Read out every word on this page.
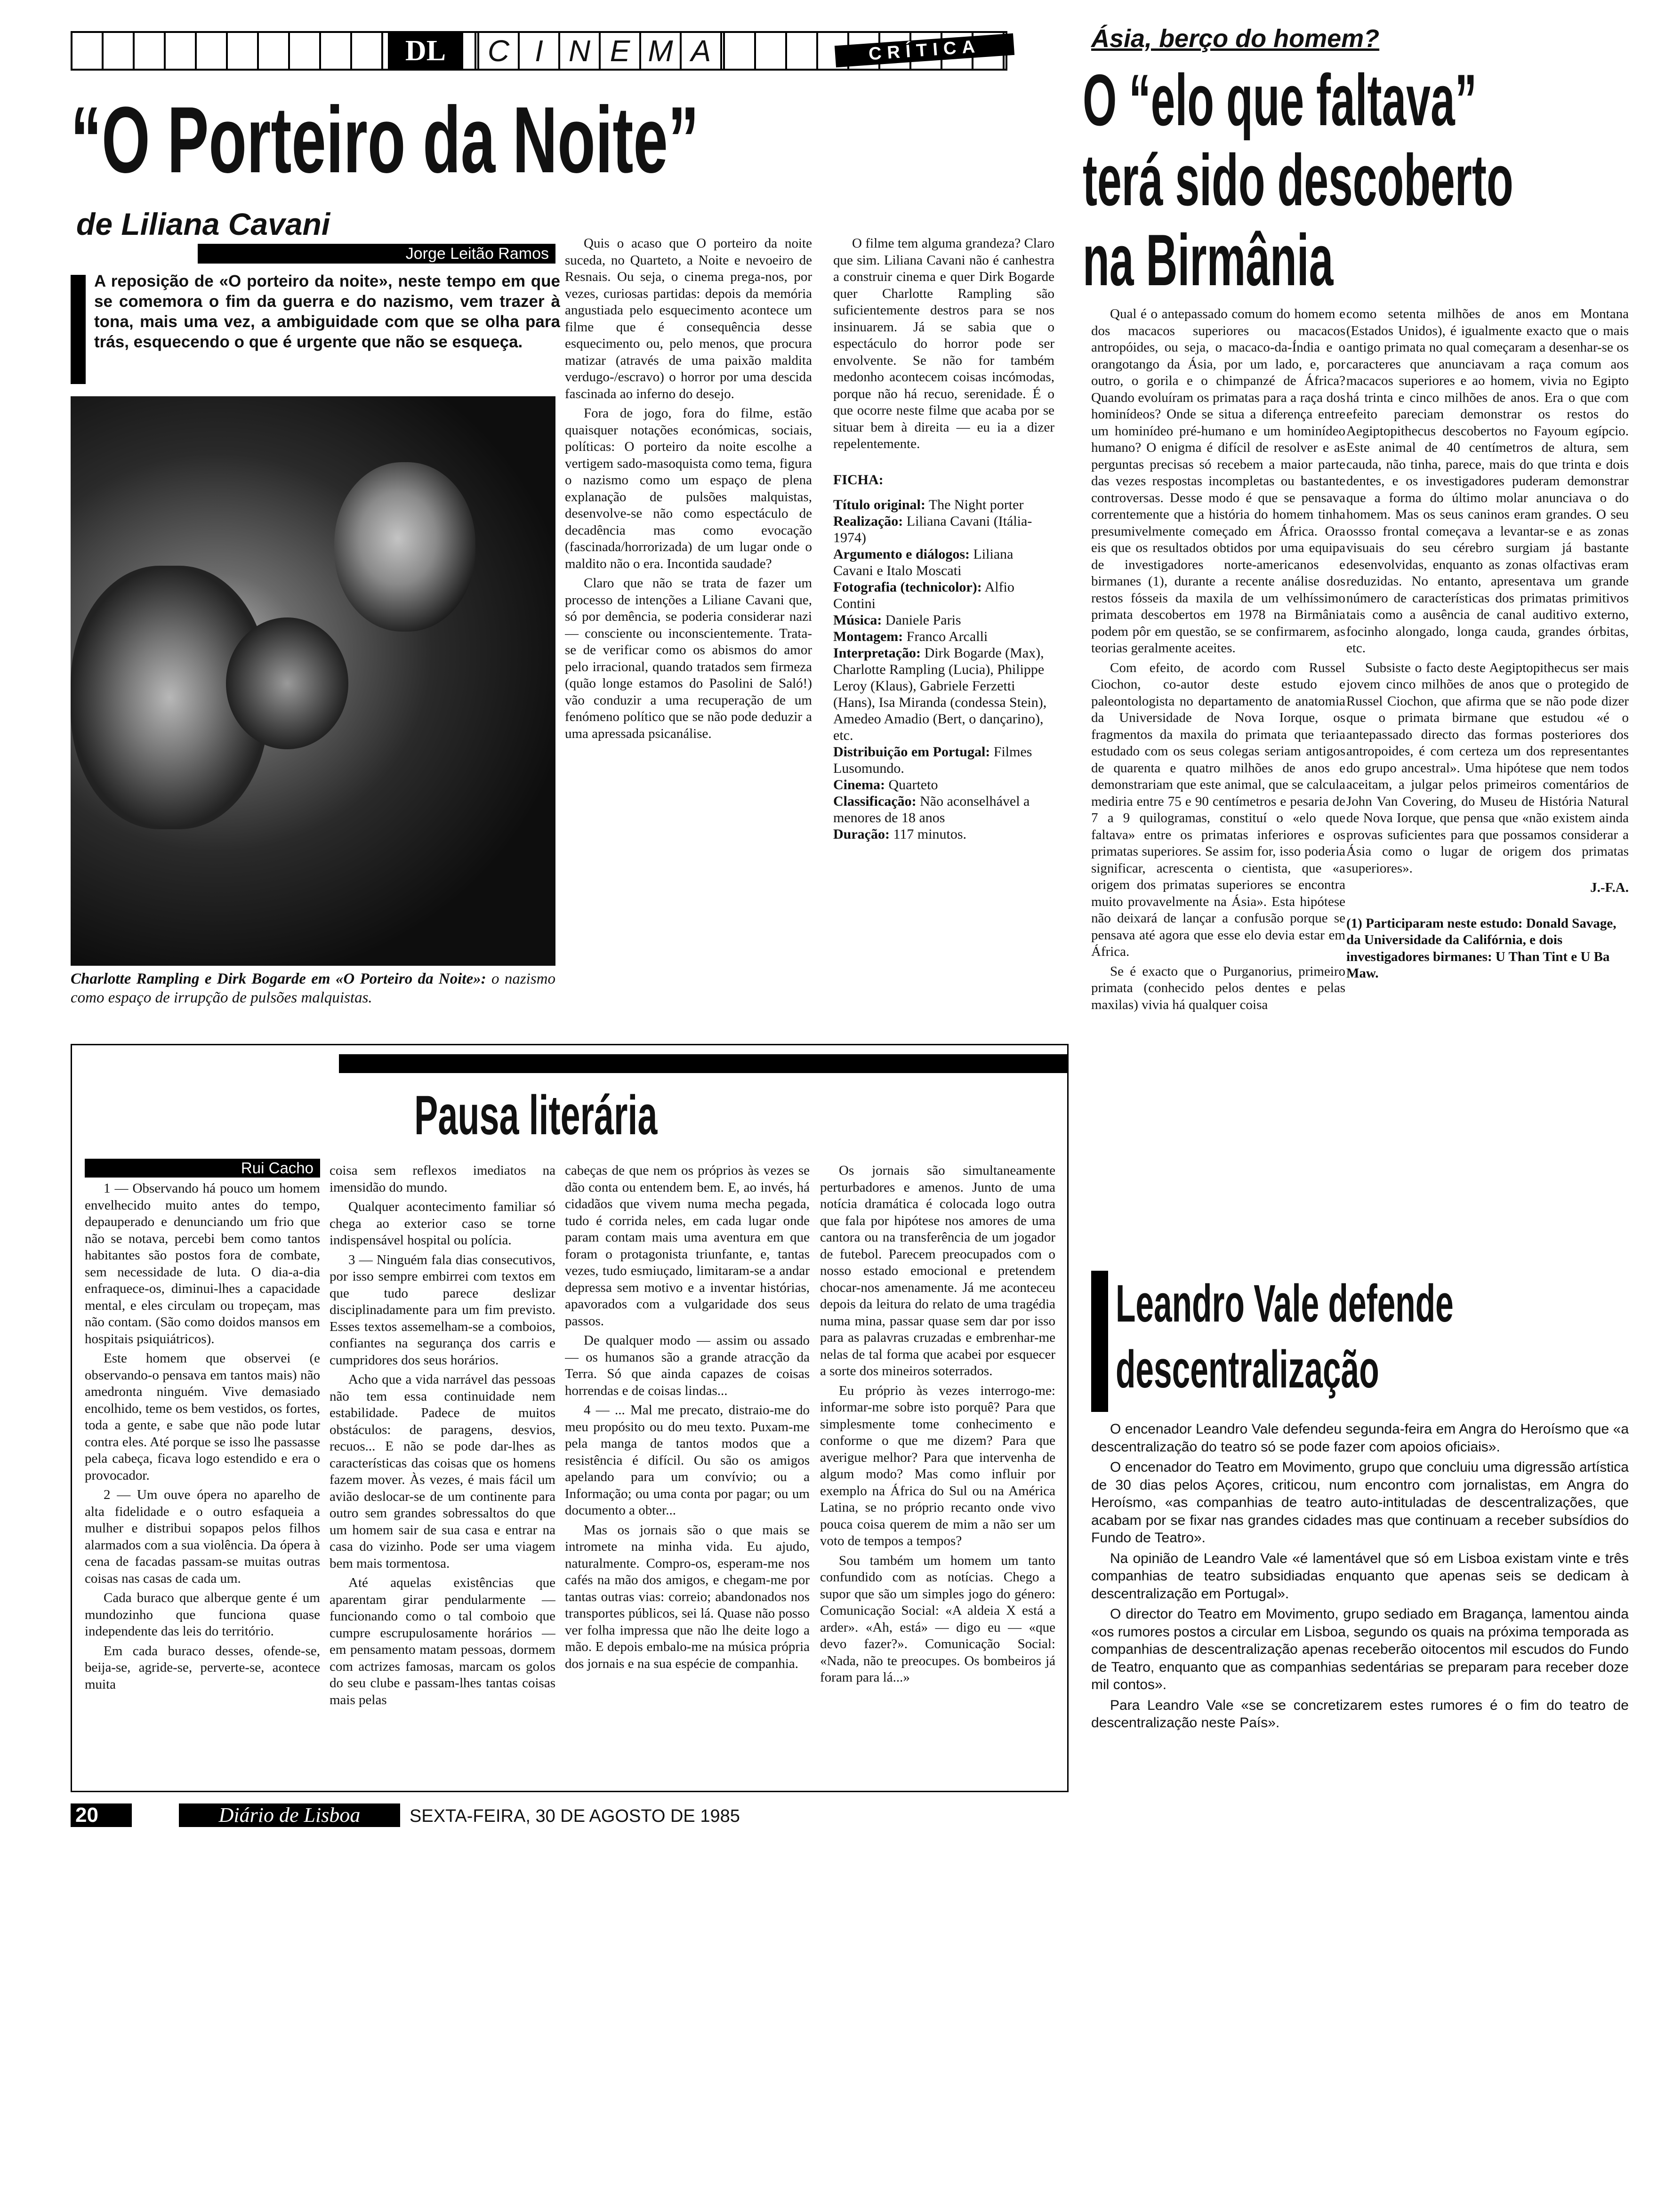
DL	C I N E M A	CRÍTICA
“O Porteiro da Noite”
de Liliana Cavani
Jorge Leitão Ramos
A reposição de «O porteiro da noite», neste tempo em que se comemora o fim da guerra e do nazismo, vem trazer à tona, mais uma vez, a ambiguidade com que se olha para trás, esquecendo o que é urgente que não se esqueça.
Charlotte Rampling e Dirk Bogarde em «O Porteiro da Noite»: o nazismo como espaço de irrupção de pulsões malquistas.

Quis o acaso que O porteiro da noite suceda, no Quarteto, a Noite e nevoeiro de Resnais. Ou seja, o cinema prega-nos, por vezes, curiosas partidas: depois da memória angustiada pelo esquecimento acontece um filme que é consequência desse esquecimento ou, pelo menos, que procura matizar (através de uma paixão maldita verdugo-/escravo) o horror por uma descida fascinada ao inferno do desejo.

Fora de jogo, fora do filme, estão quaisquer notações económicas, sociais, políticas: O porteiro da noite escolhe a vertigem sado-masoquista como tema, figura o nazismo como um espaço de plena explanação de pulsões malquistas, desenvolve-se não como espectáculo de decadência mas como evocação (fascinada/horrorizada) de um lugar onde o maldito não o era. Incontida saudade?

Claro que não se trata de fazer um processo de intenções a Liliane Cavani que, só por demência, se poderia considerar nazi — consciente ou inconscientemente. Trata-se de verificar como os abismos do amor pelo irracional, quando tratados sem firmeza (quão longe estamos do Pasolini de Saló!) vão conduzir a uma recuperação de um fenómeno político que se não pode deduzir a uma apressada psicanálise.

O filme tem alguma grandeza? Claro que sim. Liliana Cavani não é canhestra a construir cinema e quer Dirk Bogarde quer Charlotte Rampling são suficientemente destros para se nos insinuarem. Já se sabia que o espectáculo do horror pode ser envolvente. Se não for também medonho acontecem coisas incómodas, porque não há recuo, serenidade. É o que ocorre neste filme que acaba por se situar bem à direita — eu ia a dizer repelentemente.

FICHA:
Título original: The Night porter
Realização: Liliana Cavani (Itália-1974)
Argumento e diálogos: Liliana Cavani e Italo Moscati
Fotografia (technicolor): Alfio Contini
Música: Daniele Paris
Montagem: Franco Arcalli
Interpretação: Dirk Bogarde (Max), Charlotte Rampling (Lucia), Philippe Leroy (Klaus), Gabriele Ferzetti (Hans), Isa Miranda (condessa Stein), Amedeo Amadio (Bert, o dançarino), etc.
Distribuição em Portugal: Filmes Lusomundo.
Cinema: Quarteto
Classificação: Não aconselhável a menores de 18 anos
Duração: 117 minutos.
Ásia, berço do homem?
O “elo que faltava”
terá sido descoberto
na Birmânia

Qual é o antepassado comum do homem e dos macacos superiores ou macacos antropóides, ou seja, o macaco-da-Índia e o orangotango da Ásia, por um lado, e, por outro, o gorila e o chimpanzé de África? Quando evoluíram os primatas para a raça dos hominídeos? Onde se situa a diferença entre um hominídeo pré-humano e um hominídeo humano? O enigma é difícil de resolver e as perguntas precisas só recebem a maior parte das vezes respostas incompletas ou bastante controversas. Desse modo é que se pensava correntemente que a história do homem tinha presumivelmente começado em África. Ora eis que os resultados obtidos por uma equipa de investigadores norte-americanos e birmanes (1), durante a recente análise dos restos fósseis da maxila de um velhíssimo primata descobertos em 1978 na Birmânia podem pôr em questão, se se confirmarem, as teorias geralmente aceites.

Com efeito, de acordo com Russel Ciochon, co-autor deste estudo e paleontologista no departamento de anatomia da Universidade de Nova Iorque, os fragmentos da maxila do primata que teria estudado com os seus colegas seriam antigos de quarenta e quatro milhões de anos e demonstrariam que este animal, que se calcula mediria entre 75 e 90 centímetros e pesaria de 7 a 9 quilogramas, constituí o «elo que faltava» entre os primatas inferiores e os primatas superiores. Se assim for, isso poderia significar, acrescenta o cientista, que «a origem dos primatas superiores se encontra muito provavelmente na Ásia». Esta hipótese não deixará de lançar a confusão porque se pensava até agora que esse elo devia estar em África.

Se é exacto que o Purganorius, primeiro primata (conhecido pelos dentes e pelas maxilas) vivia há qualquer coisa

como setenta milhões de anos em Montana (Estados Unidos), é igualmente exacto que o mais antigo primata no qual começaram a desenhar-se os caracteres que anunciavam a raça comum aos macacos superiores e ao homem, vivia no Egipto há trinta e cinco milhões de anos. Era o que com efeito pareciam demonstrar os restos do Aegiptopithecus descobertos no Fayoum egípcio. Este animal de 40 centímetros de altura, sem cauda, não tinha, parece, mais do que trinta e dois dentes, e os investigadores puderam demonstrar que a forma do último molar anunciava o do homem. Mas os seus caninos eram grandes. O seu ossso frontal começava a levantar-se e as zonas visuais do seu cérebro surgiam já bastante desenvolvidas, enquanto as zonas olfactivas eram reduzidas. No entanto, apresentava um grande número de características dos primatas primitivos tais como a ausência de canal auditivo externo, focinho alongado, longa cauda, grandes órbitas, etc.

Subsiste o facto deste Aegiptopithecus ser mais jovem cinco milhões de anos que o protegido de Russel Ciochon, que afirma que se não pode dizer que o primata birmane que estudou «é o antepassado directo das formas posteriores dos antropoides, é com certeza um dos representantes do grupo ancestral». Uma hipótese que nem todos aceitam, a julgar pelos primeiros comentários de John Van Covering, do Museu de História Natural de Nova Iorque, que pensa que «não existem ainda provas suficientes para que possamos considerar a Ásia como o lugar de origem dos primatas superiores».

J.-F.A.
(1) Participaram neste estudo: Donald Savage, da Universidade da Califórnia, e dois investigadores birmanes: U Than Tint e U Ba Maw.
Pausa literária
Rui Cacho

1 — Observando há pouco um homem envelhecido muito antes do tempo, depauperado e denunciando um frio que não se notava, percebi bem como tantos habitantes são postos fora de combate, sem necessidade de luta. O dia-a-dia enfraquece-os, diminui-lhes a capacidade mental, e eles circulam ou tropeçam, mas não contam. (São como doidos mansos em hospitais psiquiátricos).

Este homem que observei (e observando-o pensava em tantos mais) não amedronta ninguém. Vive demasiado encolhido, teme os bem vestidos, os fortes, toda a gente, e sabe que não pode lutar contra eles. Até porque se isso lhe passasse pela cabeça, ficava logo estendido e era o provocador.

2 — Um ouve ópera no aparelho de alta fidelidade e o outro esfaqueia a mulher e distribui sopapos pelos filhos alarmados com a sua violência. Da ópera à cena de facadas passam-se muitas outras coisas nas casas de cada um.

Cada buraco que alberque gente é um mundozinho que funciona quase independente das leis do território.

Em cada buraco desses, ofende-se, beija-se, agride-se, perverte-se, acontece muita

coisa sem reflexos imediatos na imensidão do mundo.

Qualquer acontecimento familiar só chega ao exterior caso se torne indispensável hospital ou polícia.

3 — Ninguém fala dias consecutivos, por isso sempre embirrei com textos em que tudo parece deslizar disciplinadamente para um fim previsto. Esses textos assemelham-se a comboios, confiantes na segurança dos carris e cumpridores dos seus horários.

Acho que a vida narrável das pessoas não tem essa continuidade nem estabilidade. Padece de muitos obstáculos: de paragens, desvios, recuos... E não se pode dar-lhes as características das coisas que os homens fazem mover. Às vezes, é mais fácil um avião deslocar-se de um continente para outro sem grandes sobressaltos do que um homem sair de sua casa e entrar na casa do vizinho. Pode ser uma viagem bem mais tormentosa.

Até aquelas existências que aparentam girar pendularmente — funcionando como o tal comboio que cumpre escrupulosamente horários — em pensamento matam pessoas, dormem com actrizes famosas, marcam os golos do seu clube e passam-lhes tantas coisas mais pelas

cabeças de que nem os próprios às vezes se dão conta ou entendem bem. E, ao invés, há cidadãos que vivem numa mecha pegada, tudo é corrida neles, em cada lugar onde param contam mais uma aventura em que foram o protagonista triunfante, e, tantas vezes, tudo esmiuçado, limitaram-se a andar depressa sem motivo e a inventar histórias, apavorados com a vulgaridade dos seus passos.

De qualquer modo — assim ou assado — os humanos são a grande atracção da Terra. Só que ainda capazes de coisas horrendas e de coisas lindas...

4 — ... Mal me precato, distraio-me do meu propósito ou do meu texto. Puxam-me pela manga de tantos modos que a resistência é difícil. Ou são os amigos apelando para um convívio; ou a Informação; ou uma conta por pagar; ou um documento a obter...

Mas os jornais são o que mais se intromete na minha vida. Eu ajudo, naturalmente. Compro-os, esperam-me nos cafés na mão dos amigos, e chegam-me por tantas outras vias: correio; abandonados nos transportes públicos, sei lá. Quase não posso ver folha impressa que não lhe deite logo a mão. E depois embalo-me na música própria dos jornais e na sua espécie de companhia.

Os jornais são simultaneamente perturbadores e amenos. Junto de uma notícia dramática é colocada logo outra que fala por hipótese nos amores de uma cantora ou na transferência de um jogador de futebol. Parecem preocupados com o nosso estado emocional e pretendem chocar-nos amenamente. Já me aconteceu depois da leitura do relato de uma tragédia numa mina, passar quase sem dar por isso para as palavras cruzadas e embrenhar-me nelas de tal forma que acabei por esquecer a sorte dos mineiros soterrados.

Eu próprio às vezes interrogo-me: informar-me sobre isto porquê? Para que simplesmente tome conhecimento e conforme o que me dizem? Para que averigue melhor? Para que intervenha de algum modo? Mas como influir por exemplo na África do Sul ou na América Latina, se no próprio recanto onde vivo pouca coisa querem de mim a não ser um voto de tempos a tempos?

Sou também um homem um tanto confundido com as notícias. Chego a supor que são um simples jogo do género: Comunicação Social: «A aldeia X está a arder». «Ah, está» — digo eu — «que devo fazer?». Comunicação Social: «Nada, não te preocupes. Os bombeiros já foram para lá...»

Leandro Vale defende
descentralização

O encenador Leandro Vale defendeu segunda-feira em Angra do Heroísmo que «a descentralização do teatro só se pode fazer com apoios oficiais».

O encenador do Teatro em Movimento, grupo que concluiu uma digressão artística de 30 dias pelos Açores, criticou, num encontro com jornalistas, em Angra do Heroísmo, «as companhias de teatro auto-intituladas de descentralizações, que acabam por se fixar nas grandes cidades mas que continuam a receber subsídios do Fundo de Teatro».

Na opinião de Leandro Vale «é lamentável que só em Lisboa existam vinte e três companhias de teatro subsidiadas enquanto que apenas seis se dedicam à descentralização em Portugal».

O director do Teatro em Movimento, grupo sediado em Bragança, lamentou ainda «os rumores postos a circular em Lisboa, segundo os quais na próxima temporada as companhias de descentralização apenas receberão oitocentos mil escudos do Fundo de Teatro, enquanto que as companhias sedentárias se preparam para receber doze mil contos».

Para Leandro Vale «se se concretizarem estes rumores é o fim do teatro de descentralização neste País».

20	Diário de Lisboa	SEXTA-FEIRA, 30 DE AGOSTO DE 1985
